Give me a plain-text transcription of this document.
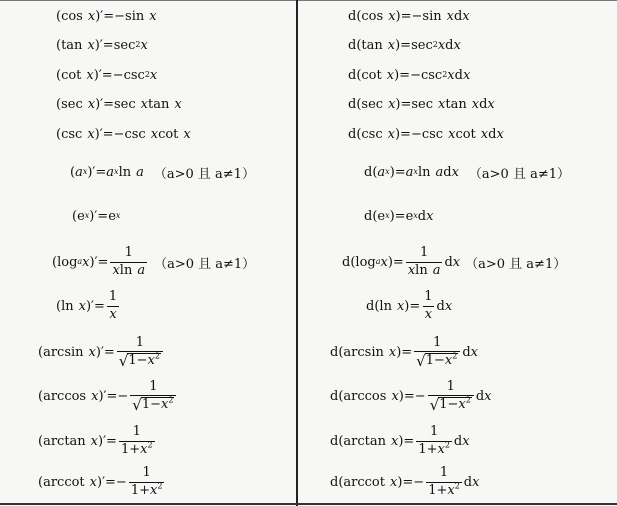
( cos x )′= −sin x	d( cos x )= −sin x d x
( tan x )′= sec 2 x	d( tan x )= sec 2 x d x
( cot x )′= −csc 2 x	d( cot x )= −csc 2 x d x
( sec x )′= sec x tan x	d( sec x )= sec x tan x d x
( csc x )′= −csc x cot x	d( csc x )= −csc x cot x d x
( a x )′= a x ln a （a>0 且 a≠1）	d( a x )= a x ln a d x （a>0 且 a≠1）
(e x )′=e x	d(e x )=e x d x
( log a x )′= $\frac{1}{\text{xln a}} (a>0$ 且 a≠1）	d( log a x )= $\frac{1}{\text{xln a}}$ d x （a>0 且 a≠1）
( ln x )′= $\frac{1}{x}$	d( ln x )= $\frac{1}{x}$ d x
( arcsin x )′= $\frac{1}{√ 1-x^2}$	d( arcsin x )= $\frac{1}{√ 1-x^2}$ d x
( arccos x )′=− $\frac{1}{√ 1-x^2}$	d( arccos x )=− $\frac{1}{√ 1-x^2}$ d x
( arctan x )′= $\frac{1}{1+x^2}$	d( arctan x )= $\frac{1}{1+x^2}$ d x
( arccot x )′=− $\frac{1}{1+x^2}$	d( arccot x )=− $\frac{1}{1+x^2}$ d x
